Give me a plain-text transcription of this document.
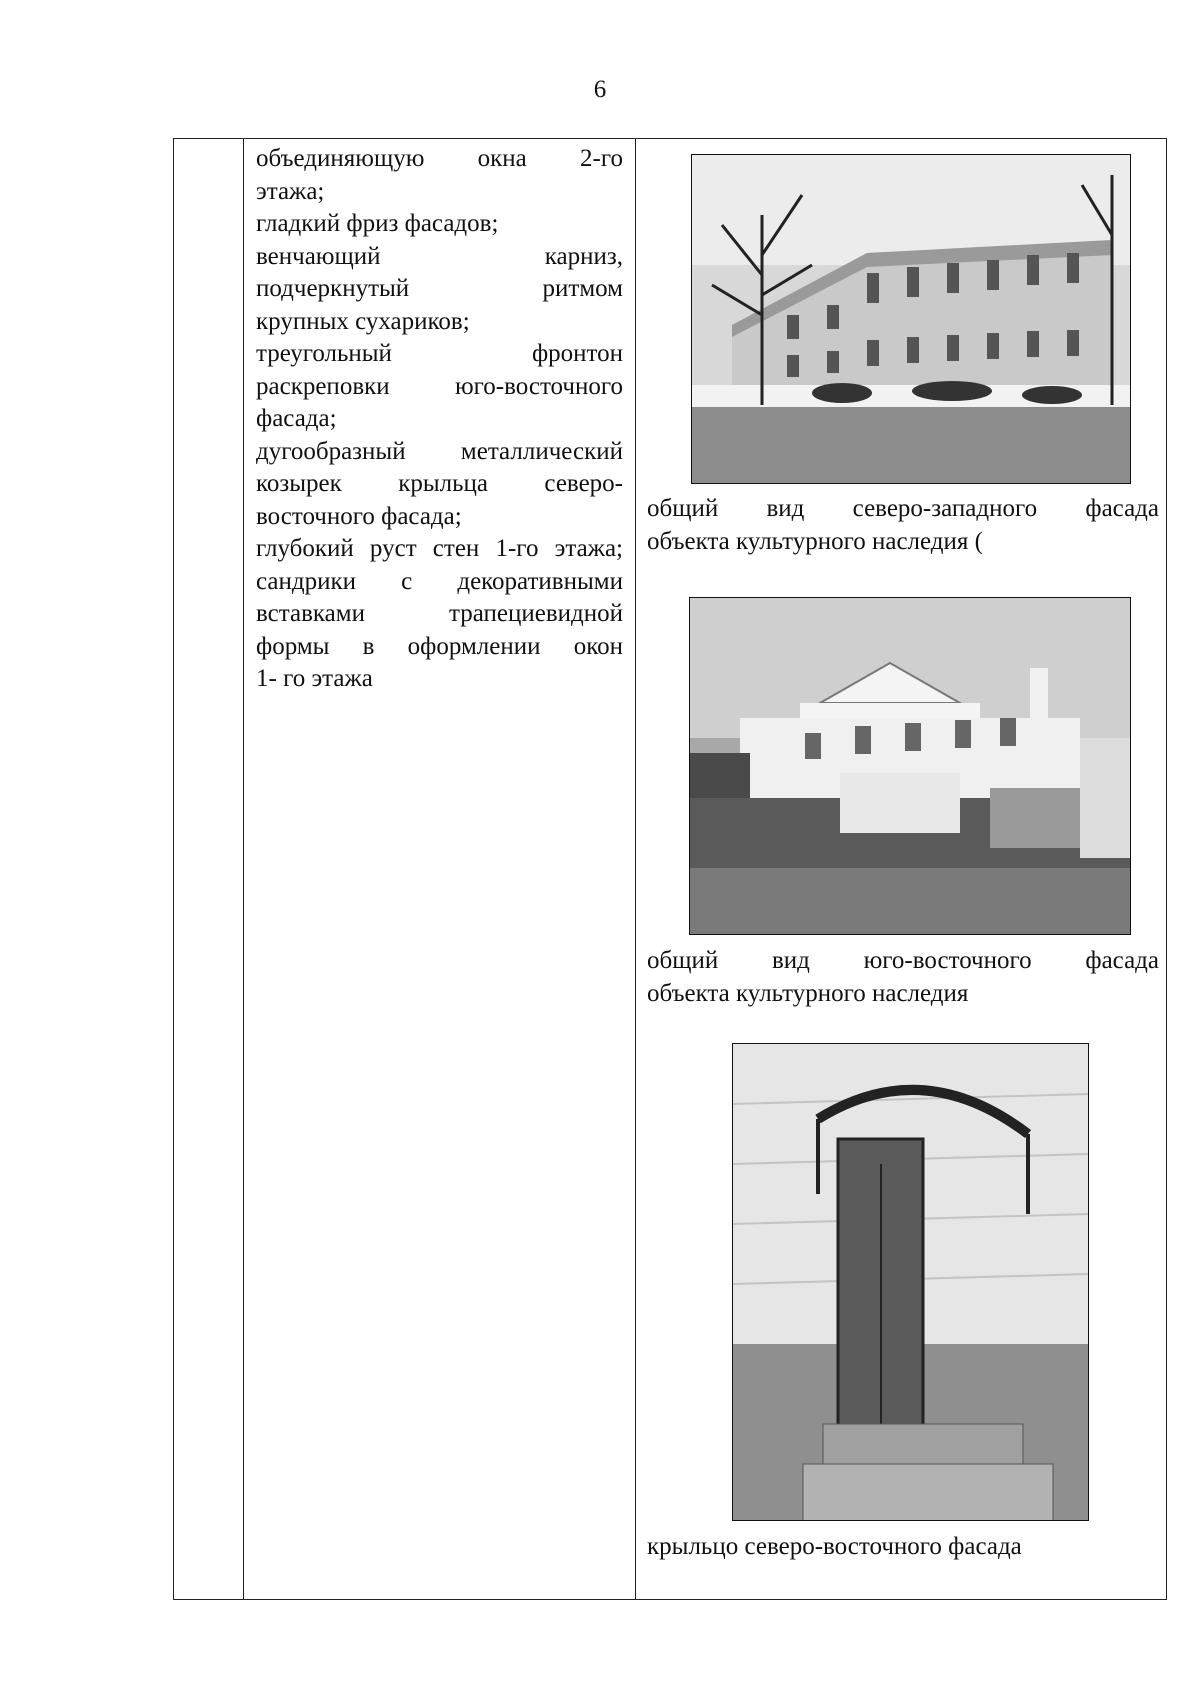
6

объединяющую окна 2-го

этажа;

гладкий фриз фасадов;

венчающий карниз,

подчеркнутый ритмом

крупных сухариков;

треугольный фронтон

раскреповки юго-восточного

фасада;

дугообразный металлический

козырек крыльца северо-

восточного фасада;

глубокий руст стен 1-го этажа;

сандрики с декоративными

вставками трапециевидной

формы в оформлении окон

1- го этажа

общий вид северо-западного фасада

объекта культурного наследия (

общий вид юго-восточного фасада

объекта культурного наследия

крыльцо северо-восточного фасада
